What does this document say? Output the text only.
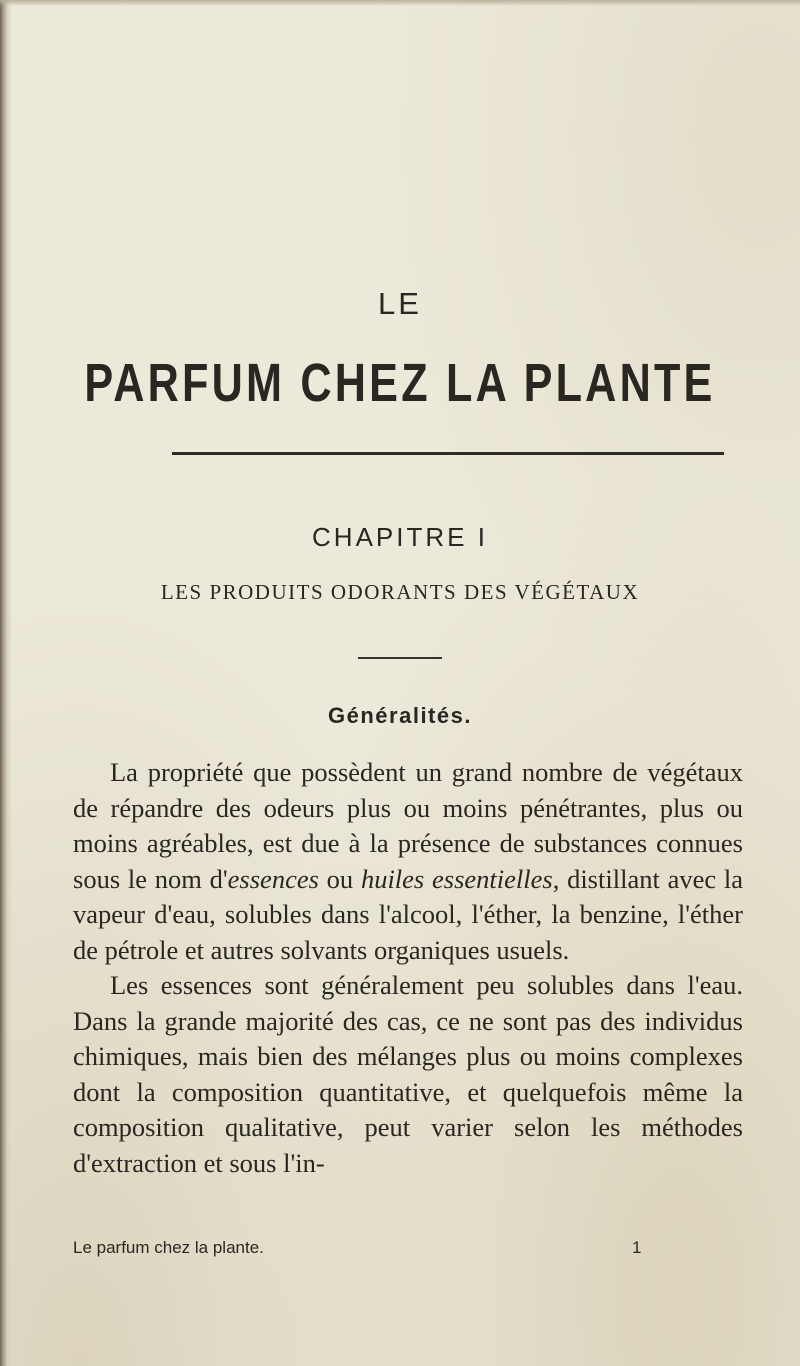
LE
PARFUM CHEZ LA PLANTE
CHAPITRE I
LES PRODUITS ODORANTS DES VÉGÉTAUX
Généralités.

La propriété que possèdent un grand nombre de végétaux de répandre des odeurs plus ou moins pénétrantes, plus ou moins agréables, est due à la présence de substances connues sous le nom d'essences ou huiles essentielles, distillant avec la vapeur d'eau, solubles dans l'alcool, l'éther, la benzine, l'éther de pétrole et autres solvants organiques usuels.

Les essences sont généralement peu solubles dans l'eau. Dans la grande majorité des cas, ce ne sont pas des individus chimiques, mais bien des mélanges plus ou moins complexes dont la composition quantitative, et quelquefois même la composition qualitative, peut varier selon les méthodes d'extraction et sous l'in-

Le parfum chez la plante.	1
